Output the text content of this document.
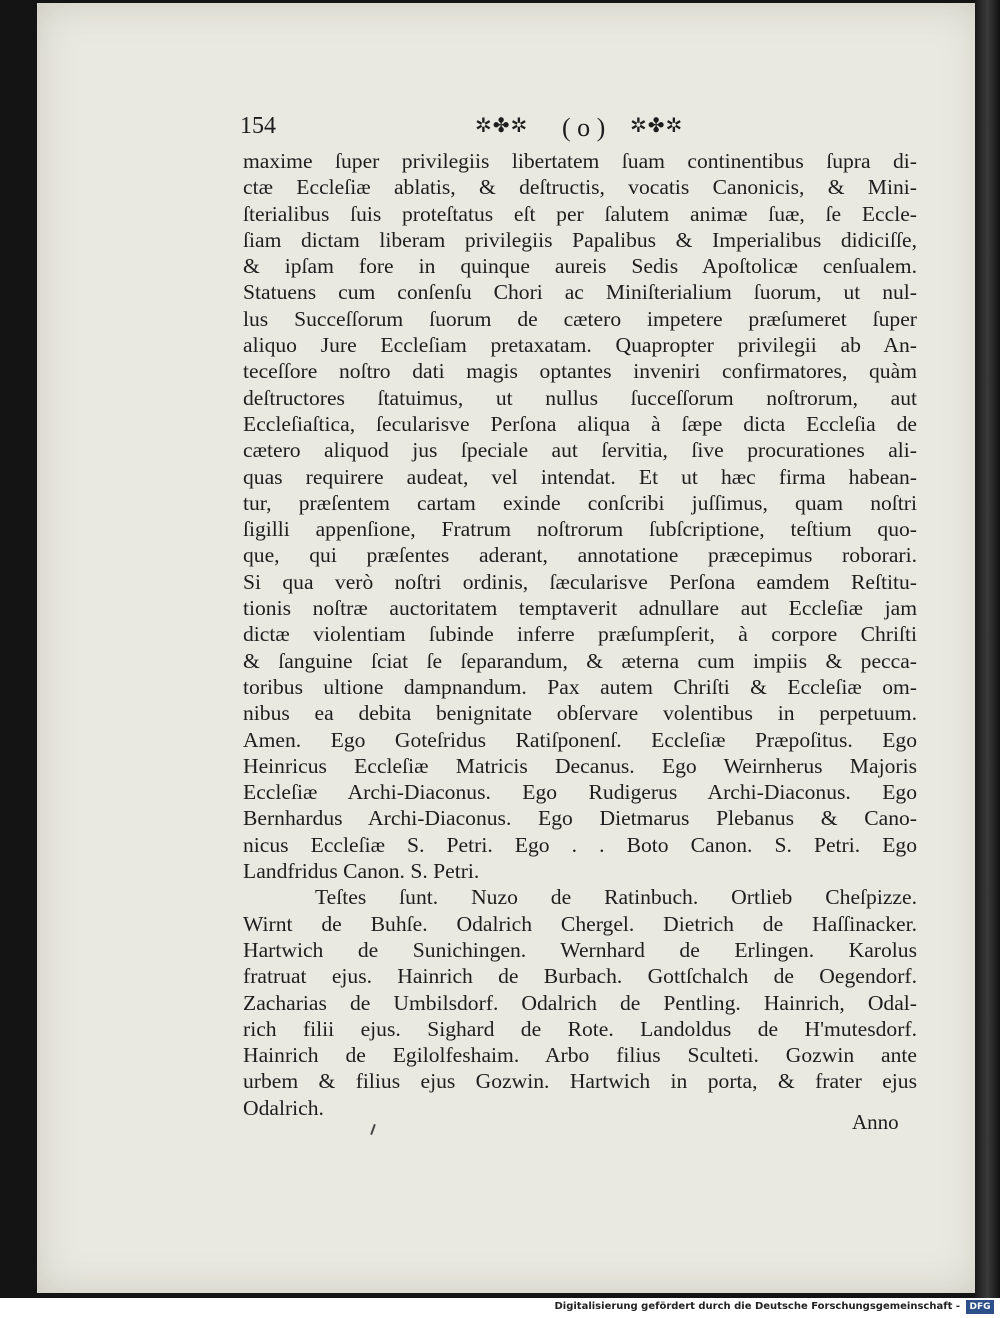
154	✲✤✲ ( o ) ✲✤✲
maxime ſuper privilegiis libertatem ſuam continentibus ſupra di-
ctæ Eccleſiæ ablatis, & deſtructis, vocatis Canonicis, & Mini-
ſterialibus ſuis proteſtatus eſt per ſalutem animæ ſuæ, ſe Eccle-
ſiam dictam liberam privilegiis Papalibus & Imperialibus didiciſſe,
& ipſam fore in quinque aureis Sedis Apoſtolicæ cenſualem.
Statuens cum conſenſu Chori ac Miniſterialium ſuorum, ut nul-
lus Succeſſorum ſuorum de cætero impetere præſumeret ſuper
aliquo Jure Eccleſiam pretaxatam. Quapropter privilegii ab An-
teceſſore noſtro dati magis optantes inveniri confirmatores, quàm
deſtructores ſtatuimus, ut nullus ſucceſſorum noſtrorum, aut
Eccleſiaſtica, ſecularisve Perſona aliqua à ſæpe dicta Eccleſia de
cætero aliquod jus ſpeciale aut ſervitia, ſive procurationes ali-
quas requirere audeat, vel intendat. Et ut hæc firma habean-
tur, præſentem cartam exinde conſcribi juſſimus, quam noſtri
ſigilli appenſione, Fratrum noſtrorum ſubſcriptione, teſtium quo-
que, qui præſentes aderant, annotatione præcepimus roborari.
Si qua verò noſtri ordinis, ſæcularisve Perſona eamdem Reſtitu-
tionis noſtræ auctoritatem temptaverit adnullare aut Eccleſiæ jam
dictæ violentiam ſubinde inferre præſumpſerit, à corpore Chriſti
& ſanguine ſciat ſe ſeparandum, & æterna cum impiis & pecca-
toribus ultione dampnandum. Pax autem Chriſti & Eccleſiæ om-
nibus ea debita benignitate obſervare volentibus in perpetuum.
Amen. Ego Goteſridus Ratiſponenſ. Eccleſiæ Præpoſitus. Ego
Heinricus Eccleſiæ Matricis Decanus. Ego Weirnherus Majoris
Eccleſiæ Archi-Diaconus. Ego Rudigerus Archi-Diaconus. Ego
Bernhardus Archi-Diaconus. Ego Dietmarus Plebanus & Cano-
nicus Eccleſiæ S. Petri. Ego . . Boto Canon. S. Petri. Ego
Landfridus Canon. S. Petri.
Teſtes ſunt. Nuzo de Ratinbuch. Ortlieb Cheſpizze.
Wirnt de Buhſe. Odalrich Chergel. Dietrich de Haſſinacker.
Hartwich de Sunichingen. Wernhard de Erlingen. Karolus
fratruat ejus. Hainrich de Burbach. Gottſchalch de Oegendorf.
Zacharias de Umbilsdorf. Odalrich de Pentling. Hainrich, Odal-
rich filii ejus. Sighard de Rote. Landoldus de H'mutesdorf.
Hainrich de Egilolfeshaim. Arbo filius Sculteti. Gozwin ante
urbem & filius ejus Gozwin. Hartwich in porta, & frater ejus
Odalrich.
Anno
Digitalisierung gefördert durch die Deutsche Forschungsgemeinschaft -	DFG
